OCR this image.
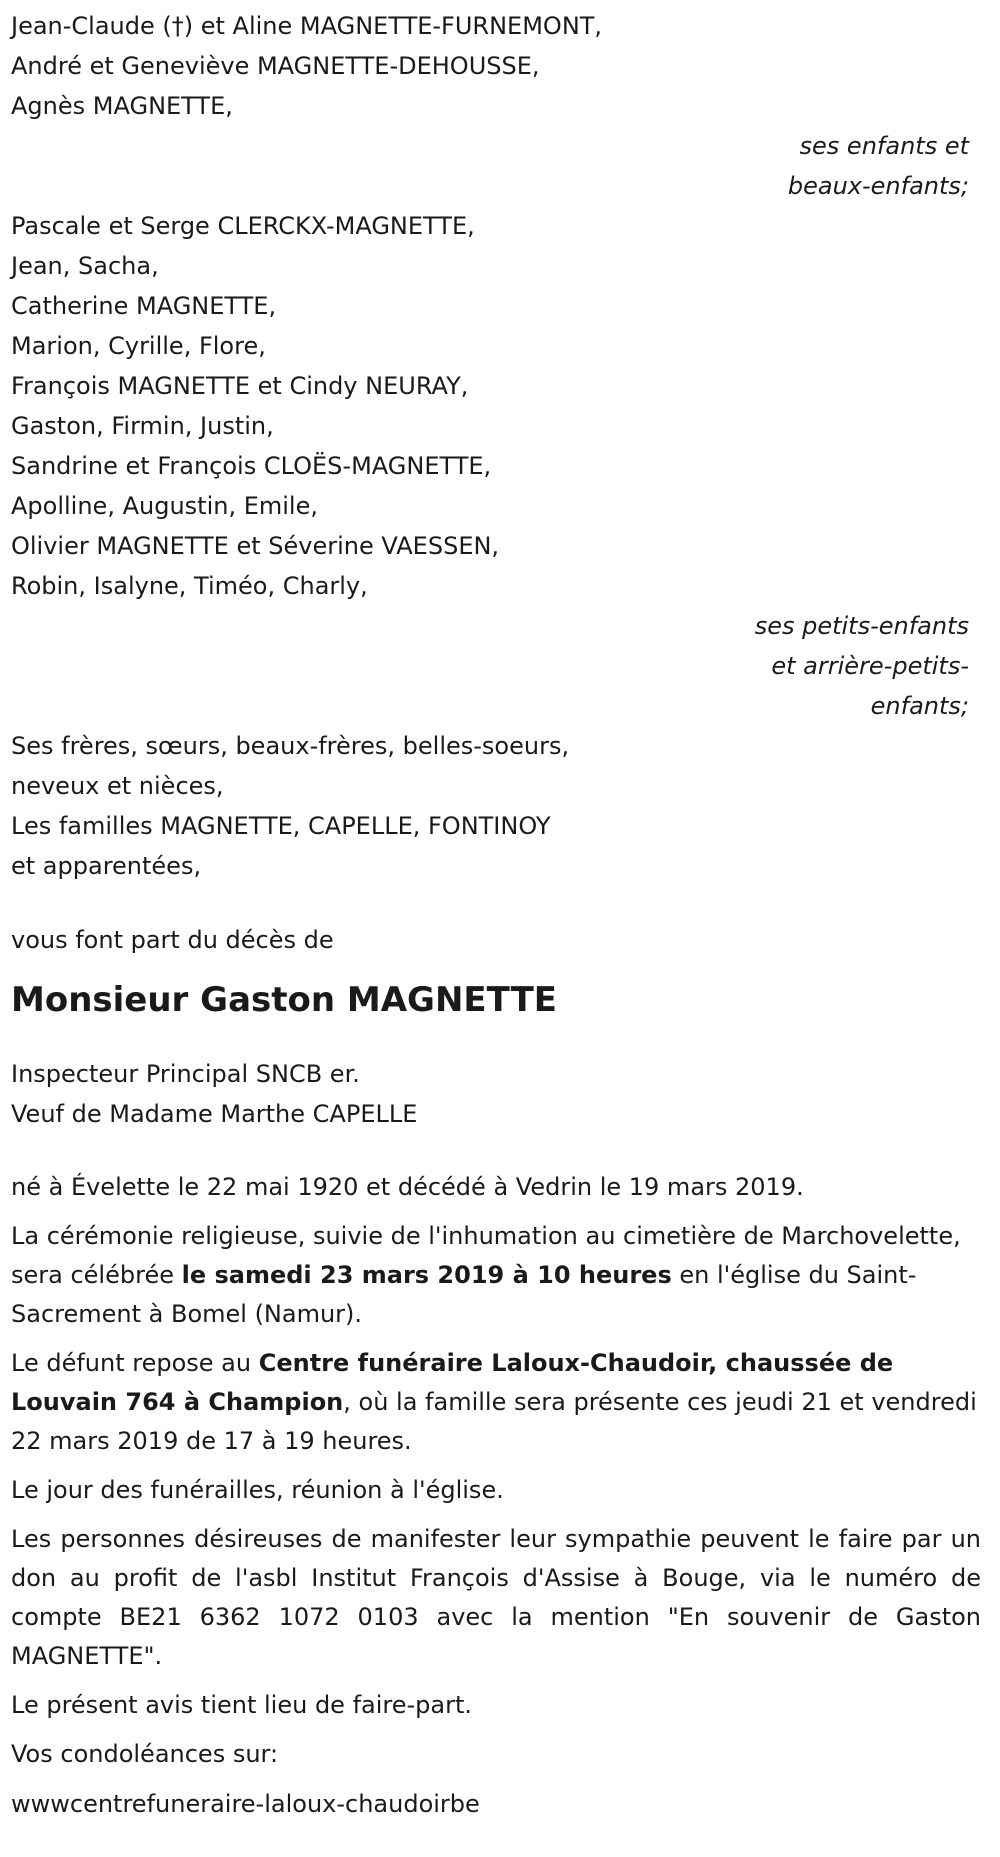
Jean-Claude (†) et Aline MAGNETTE-FURNEMONT,
André et Geneviève MAGNETTE-DEHOUSSE,
Agnès MAGNETTE,
ses enfants et
beaux-enfants;
Pascale et Serge CLERCKX-MAGNETTE,
Jean, Sacha,
Catherine MAGNETTE,
Marion, Cyrille, Flore,
François MAGNETTE et Cindy NEURAY,
Gaston, Firmin, Justin,
Sandrine et François CLOËS-MAGNETTE,
Apolline, Augustin, Emile,
Olivier MAGNETTE et Séverine VAESSEN,
Robin, Isalyne, Timéo, Charly,
ses petits-enfants
et arrière-petits-
enfants;
Ses frères, sœurs, beaux-frères, belles-soeurs,
neveux et nièces,
Les familles MAGNETTE, CAPELLE, FONTINOY
et apparentées,
vous font part du décès de
Monsieur Gaston MAGNETTE
Inspecteur Principal SNCB er.
Veuf de Madame Marthe CAPELLE

né à Évelette le 22 mai 1920 et décédé à Vedrin le 19 mars 2019.

La cérémonie religieuse, suivie de l'inhumation au cimetière de Marchovelette, sera célébrée le samedi 23 mars 2019 à 10 heures en l'église du Saint-Sacrement à Bomel (Namur).

Le défunt repose au Centre funéraire Laloux-Chaudoir, chaussée de Louvain 764 à Champion, où la famille sera présente ces jeudi 21 et vendredi 22 mars 2019 de 17 à 19 heures.

Le jour des funérailles, réunion à l'église.

Les personnes désireuses de manifester leur sympathie peuvent le faire par un don au profit de l'asbl Institut François d'Assise à Bouge, via le numéro de compte BE21 6362 1072 0103 avec la mention "En souvenir de Gaston MAGNETTE".

Le présent avis tient lieu de faire-part.

Vos condoléances sur:

wwwcentrefuneraire-laloux-chaudoirbe
